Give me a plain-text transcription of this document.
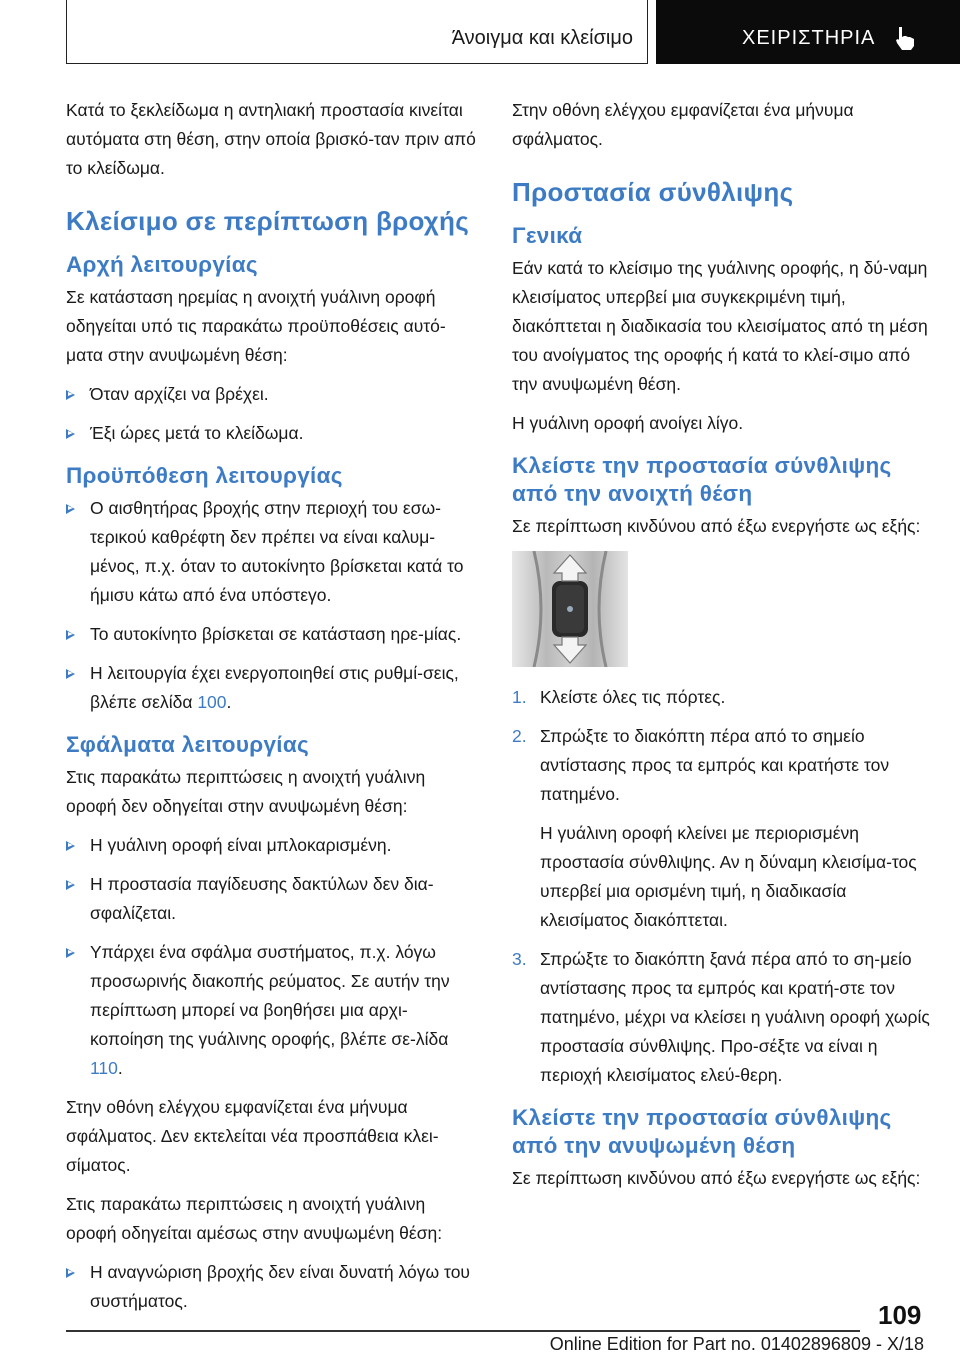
Άνοιγμα και κλείσιμο	ΧΕΙΡΙΣΤΗΡΙΑ

Κατά το ξεκλείδωμα η αντηλιακή προστασία κινείται αυτόματα στη θέση, στην οποία βρισκό-ταν πριν από το κλείδωμα.

Κλείσιμο σε περίπτωση βροχής
Αρχή λειτουργίας

Σε κατάσταση ηρεμίας η ανοιχτή γυάλινη οροφή οδηγείται υπό τις παρακάτω προϋποθέσεις αυτό-ματα στην ανυψωμένη θέση:

Όταν αρχίζει να βρέχει.
Έξι ώρες μετά το κλείδωμα.
Προϋπόθεση λειτουργίας
Ο αισθητήρας βροχής στην περιοχή του εσω-τερικού καθρέφτη δεν πρέπει να είναι καλυμ-μένος, π.χ. όταν το αυτοκίνητο βρίσκεται κατά το ήμισυ κάτω από ένα υπόστεγο.
Το αυτοκίνητο βρίσκεται σε κατάσταση ηρε-μίας.
Η λειτουργία έχει ενεργοποιηθεί στις ρυθμί-σεις, βλέπε σελίδα 100.
Σφάλματα λειτουργίας

Στις παρακάτω περιπτώσεις η ανοιχτή γυάλινη οροφή δεν οδηγείται στην ανυψωμένη θέση:

Η γυάλινη οροφή είναι μπλοκαρισμένη.
Η προστασία παγίδευσης δακτύλων δεν δια-σφαλίζεται.
Υπάρχει ένα σφάλμα συστήματος, π.χ. λόγω προσωρινής διακοπής ρεύματος. Σε αυτήν την περίπτωση μπορεί να βοηθήσει μια αρχι-κοποίηση της γυάλινης οροφής, βλέπε σε-λίδα 110.

Στην οθόνη ελέγχου εμφανίζεται ένα μήνυμα σφάλματος. Δεν εκτελείται νέα προσπάθεια κλει-σίματος.

Στις παρακάτω περιπτώσεις η ανοιχτή γυάλινη οροφή οδηγείται αμέσως στην ανυψωμένη θέση:

Η αναγνώριση βροχής δεν είναι δυνατή λόγω του συστήματος.

Στην οθόνη ελέγχου εμφανίζεται ένα μήνυμα σφάλματος.

Προστασία σύνθλιψης
Γενικά

Εάν κατά το κλείσιμο της γυάλινης οροφής, η δύ-ναμη κλεισίματος υπερβεί μια συγκεκριμένη τιμή, διακόπτεται η διαδικασία του κλεισίματος από τη μέση του ανοίγματος της οροφής ή κατά το κλεί-σιμο από την ανυψωμένη θέση.

Η γυάλινη οροφή ανοίγει λίγο.

Κλείστε την προστασία σύνθλιψης από την ανοιχτή θέση

Σε περίπτωση κινδύνου από έξω ενεργήστε ως εξής:

1. Κλείστε όλες τις πόρτες.
2. Σπρώξτε το διακόπτη πέρα από το σημείο αντίστασης προς τα εμπρός και κρατήστε τον πατημένο.
Η γυάλινη οροφή κλείνει με περιορισμένη προστασία σύνθλιψης. Αν η δύναμη κλεισίμα-τος υπερβεί μια ορισμένη τιμή, η διαδικασία κλεισίματος διακόπτεται.
3. Σπρώξτε το διακόπτη ξανά πέρα από το ση-μείο αντίστασης προς τα εμπρός και κρατή-στε τον πατημένο, μέχρι να κλείσει η γυάλινη οροφή χωρίς προστασία σύνθλιψης. Προ-σέξτε να είναι η περιοχή κλεισίματος ελεύ-θερη.
Κλείστε την προστασία σύνθλιψης από την ανυψωμένη θέση

Σε περίπτωση κινδύνου από έξω ενεργήστε ως εξής:

109
Online Edition for Part no. 01402896809 - X/18
